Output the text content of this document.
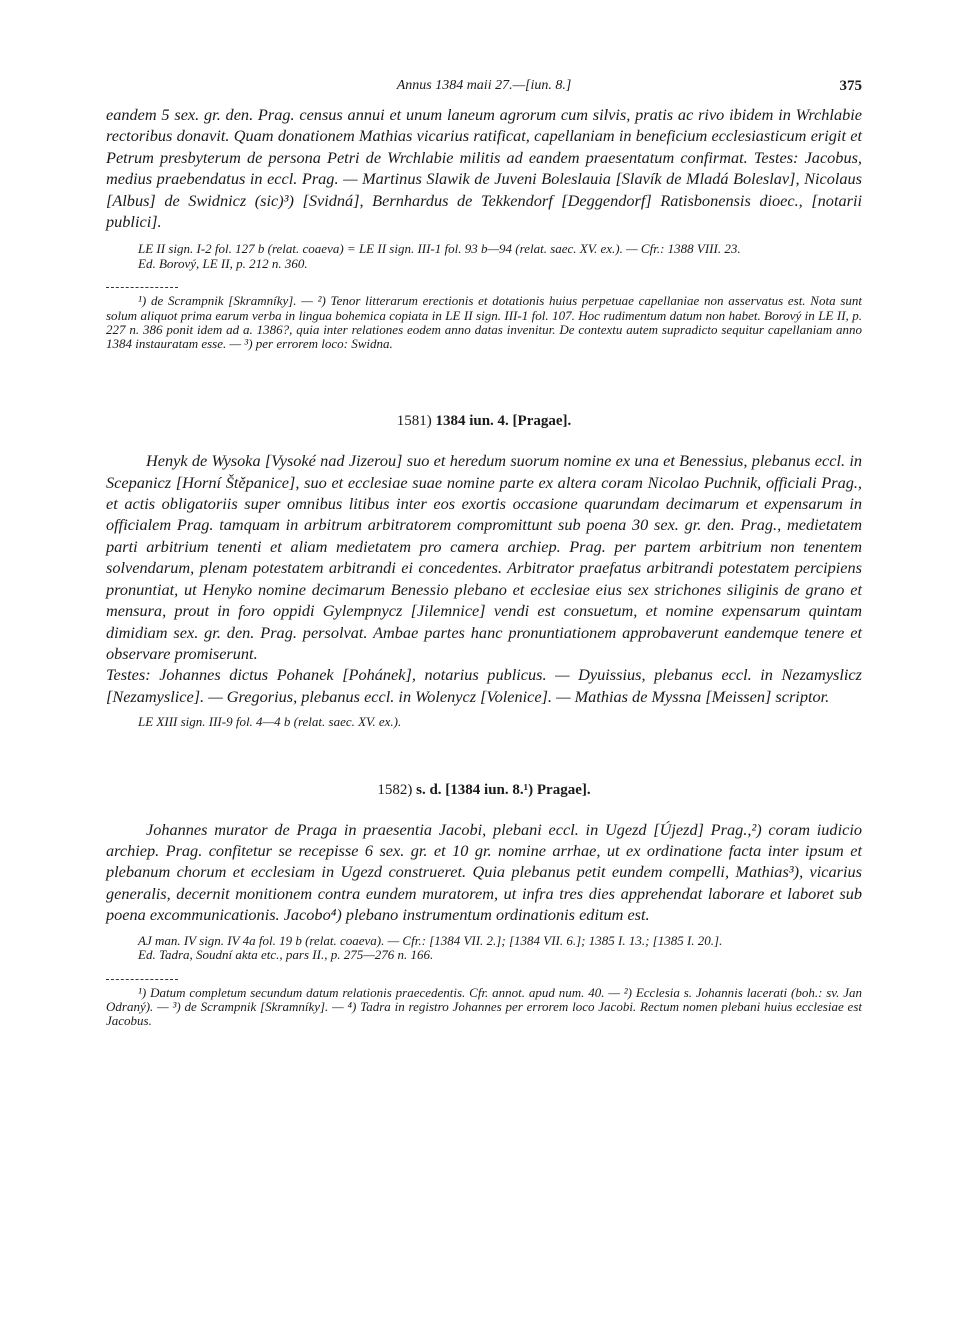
Annus 1384 maii 27.—[iun. 8.]	375

eandem 5 sex. gr. den. Prag. census annui et unum laneum agrorum cum silvis, pratis ac rivo ibidem in Wrchlabie rectoribus donavit. Quam donationem Mathias vicarius ratificat, capellaniam in beneficium ecclesiasticum erigit et Petrum presbyterum de persona Petri de Wrchlabie militis ad eandem praesentatum confirmat. Testes: Jacobus, medius praebendatus in eccl. Prag. — Martinus Slawik de Juveni Boleslauia [Slavík de Mladá Boleslav], Nicolaus [Albus] de Swidnicz (sic)³) [Svidná], Bernhardus de Tekkendorf [Deggendorf] Ratisbonensis dioec., [notarii publici].

LE II sign. I-2 fol. 127 b (relat. coaeva) = LE II sign. III-1 fol. 93 b—94 (relat. saec. XV. ex.). — Cfr.: 1388 VIII. 23.

Ed. Borový, LE II, p. 212 n. 360.

¹) de Scrampnik [Skramníky]. — ²) Tenor litterarum erectionis et dotationis huius perpetuae capellaniae non asservatus est. Nota sunt solum aliquot prima earum verba in lingua bohemica copiata in LE II sign. III-1 fol. 107. Hoc rudimentum datum non habet. Borový in LE II, p. 227 n. 386 ponit idem ad a. 1386?, quia inter relationes eodem anno datas invenitur. De contextu autem supradicto sequitur capellaniam anno 1384 instauratam esse. — ³) per errorem loco: Swidna.

1581) 1384 iun. 4. [Pragae].

Henyk de Wysoka [Vysoké nad Jizerou] suo et heredum suorum nomine ex una et Benessius, plebanus eccl. in Scepanicz [Horní Štěpanice], suo et ecclesiae suae nomine parte ex altera coram Nicolao Puchnik, officiali Prag., et actis obligatoriis super omnibus litibus inter eos exortis occasione quarundam decimarum et expensarum in officialem Prag. tamquam in arbitrum arbitratorem compromittunt sub poena 30 sex. gr. den. Prag., medietatem parti arbitrium tenenti et aliam medietatem pro camera archiep. Prag. per partem arbitrium non tenentem solvendarum, plenam potestatem arbitrandi ei concedentes. Arbitrator praefatus arbitrandi potestatem percipiens pronuntiat, ut Henyko nomine decimarum Benessio plebano et ecclesiae eius sex strichones siliginis de grano et mensura, prout in foro oppidi Gylempnycz [Jilemnice] vendi est consuetum, et nomine expensarum quintam dimidiam sex. gr. den. Prag. persolvat. Ambae partes hanc pronuntiationem approbaverunt eandemque tenere et observare promiserunt.

Testes: Johannes dictus Pohanek [Pohánek], notarius publicus. — Dyuissius, plebanus eccl. in Nezamyslicz [Nezamyslice]. — Gregorius, plebanus eccl. in Wolenycz [Volenice]. — Mathias de Myssna [Meissen] scriptor.

LE XIII sign. III-9 fol. 4—4 b (relat. saec. XV. ex.).

1582) s. d. [1384 iun. 8.¹) Pragae].

Johannes murator de Praga in praesentia Jacobi, plebani eccl. in Ugezd [Újezd] Prag.,²) coram iudicio archiep. Prag. confitetur se recepisse 6 sex. gr. et 10 gr. nomine arrhae, ut ex ordinatione facta inter ipsum et plebanum chorum et ecclesiam in Ugezd construeret. Quia plebanus petit eundem compelli, Mathias³), vicarius generalis, decernit monitionem contra eundem muratorem, ut infra tres dies apprehendat laborare et laboret sub poena excommunicationis. Jacobo⁴) plebano instrumentum ordinationis editum est.

AJ man. IV sign. IV 4a fol. 19 b (relat. coaeva). — Cfr.: [1384 VII. 2.]; [1384 VII. 6.]; 1385 I. 13.; [1385 I. 20.].

Ed. Tadra, Soudní akta etc., pars II., p. 275—276 n. 166.

¹) Datum completum secundum datum relationis praecedentis. Cfr. annot. apud num. 40. — ²) Ecclesia s. Johannis lacerati (boh.: sv. Jan Odraný). — ³) de Scrampnik [Skramníky]. — ⁴) Tadra in registro Johannes per errorem loco Jacobi. Rectum nomen plebani huius ecclesiae est Jacobus.
